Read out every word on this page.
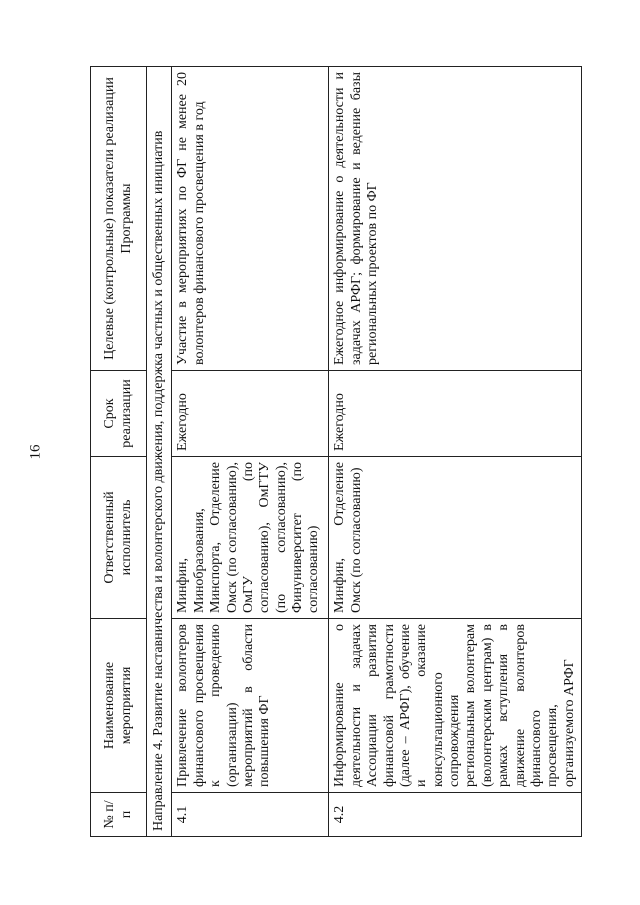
16
№ п/п	Наименование мероприятия	Ответственный исполнитель	Срок реализации	Целевые (контрольные) показатели реализации Программы
Направление 4. Развитие наставничества и волонтерского движения, поддержка частных и общественных инициатив				
4.1	Привлечение волонтеров финансового просвещения к проведению (организации) мероприятий в области повышения ФГ	Минфин, Минобразования, Минспорта, Отделение Омск (по согласованию), ОмГУ (по согласованию), ОмГТУ (по согласованию), Финуниверситет (по согласованию)	Ежегодно	Участие в мероприятиях по ФГ не менее 20 волонтеров финансового просвещения в год
4.2	Информирование о деятельности и задачах Ассоциации развития финансовой грамотности (далее – АРФГ), обучение и оказание консультационного сопровождения региональным волонтерам (волонтерским центрам) в рамках вступления в движение волонтеров финансового просвещения, организуемого АРФГ	Минфин, Отделение Омск (по согласованию)	Ежегодно	Ежегодное информирование о деятельности и задачах АРФГ; формирование и ведение базы региональных проектов по ФГ
